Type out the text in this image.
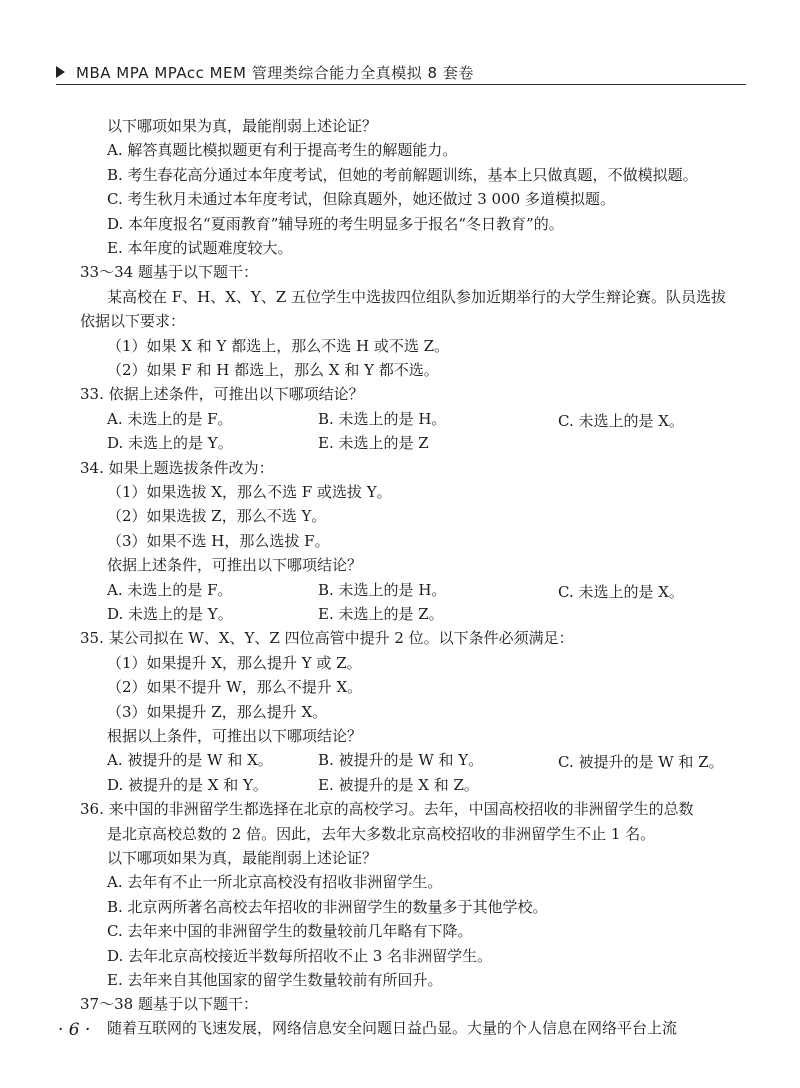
MBA MPA MPAcc MEM 管理类综合能力全真模拟 8 套卷
以下哪项如果为真，最能削弱上述论证？
A. 解答真题比模拟题更有利于提高考生的解题能力。
B. 考生春花高分通过本年度考试，但她的考前解题训练，基本上只做真题，不做模拟题。
C. 考生秋月未通过本年度考试，但除真题外，她还做过 3 000 多道模拟题。
D. 本年度报名“夏雨教育”辅导班的考生明显多于报名“冬日教育”的。
E. 本年度的试题难度较大。
33～34 题基于以下题干：
某高校在 F、H、X、Y、Z 五位学生中选拔四位组队参加近期举行的大学生辩论赛。队员选拔
依据以下要求：
（1）如果 X 和 Y 都选上，那么不选 H 或不选 Z。
（2）如果 F 和 H 都选上，那么 X 和 Y 都不选。
33. 依据上述条件，可推出以下哪项结论？
A. 未选上的是 F。	B. 未选上的是 H。	C. 未选上的是 X。
D. 未选上的是 Y。	E. 未选上的是 Z
34. 如果上题选拔条件改为：
（1）如果选拔 X，那么不选 F 或选拔 Y。
（2）如果选拔 Z，那么不选 Y。
（3）如果不选 H，那么选拔 F。
依据上述条件，可推出以下哪项结论？
A. 未选上的是 F。	B. 未选上的是 H。	C. 未选上的是 X。
D. 未选上的是 Y。	E. 未选上的是 Z。
35. 某公司拟在 W、X、Y、Z 四位高管中提升 2 位。以下条件必须满足：
（1）如果提升 X，那么提升 Y 或 Z。
（2）如果不提升 W，那么不提升 X。
（3）如果提升 Z，那么提升 X。
根据以上条件，可推出以下哪项结论？
A. 被提升的是 W 和 X。	B. 被提升的是 W 和 Y。	C. 被提升的是 W 和 Z。
D. 被提升的是 X 和 Y。	E. 被提升的是 X 和 Z。
36. 来中国的非洲留学生都选择在北京的高校学习。去年，中国高校招收的非洲留学生的总数
是北京高校总数的 2 倍。因此，去年大多数北京高校招收的非洲留学生不止 1 名。
以下哪项如果为真，最能削弱上述论证？
A. 去年有不止一所北京高校没有招收非洲留学生。
B. 北京两所著名高校去年招收的非洲留学生的数量多于其他学校。
C. 去年来中国的非洲留学生的数量较前几年略有下降。
D. 去年北京高校接近半数每所招收不止 3 名非洲留学生。
E. 去年来自其他国家的留学生数量较前有所回升。
· 6 ·
37～38 题基于以下题干：
随着互联网的飞速发展，网络信息安全问题日益凸显。大量的个人信息在网络平台上流
